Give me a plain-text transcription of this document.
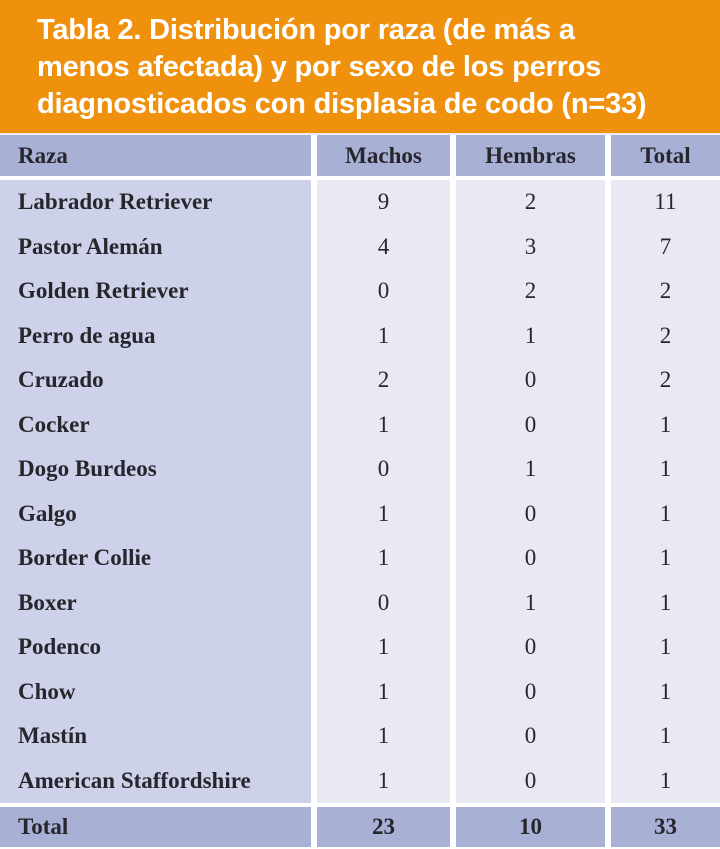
Tabla 2. Distribución por raza (de más a
menos afectada) y por sexo de los perros
diagnosticados con displasia de codo (n=33)
Raza	Machos	Hembras	Total
Labrador Retriever	9	2	11
Pastor Alemán	4	3	7
Golden Retriever	0	2	2
Perro de agua	1	1	2
Cruzado	2	0	2
Cocker	1	0	1
Dogo Burdeos	0	1	1
Galgo	1	0	1
Border Collie	1	0	1
Boxer	0	1	1
Podenco	1	0	1
Chow	1	0	1
Mastín	1	0	1
American Staffordshire	1	0	1
Total	23	10	33
